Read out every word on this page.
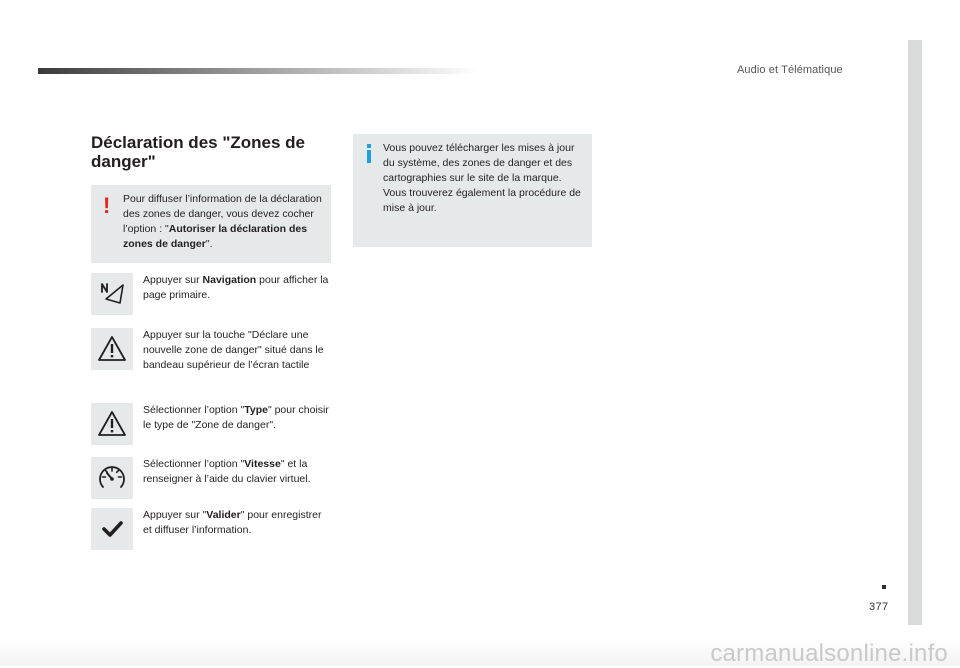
Audio et Télématique
Déclaration des "Zones de danger"
! Pour diffuser l’information de la déclaration des zones de danger, vous devez cocher l’option : "Autoriser la déclaration des zones de danger".
Vous pouvez télécharger les mises à jour du système, des zones de danger et des cartographies sur le site de la marque.
Vous trouverez également la procédure de mise à jour.
Appuyer sur Navigation pour afficher la page primaire.
Appuyer sur la touche "Déclare une nouvelle zone de danger" situé dans le bandeau supérieur de l’écran tactile
Sélectionner l’option "Type" pour choisir le type de "Zone de danger".
Sélectionner l’option "Vitesse" et la renseigner à l’aide du clavier virtuel.
Appuyer sur "Valider" pour enregistrer et diffuser l’information.
377
carmanualsonline.info
